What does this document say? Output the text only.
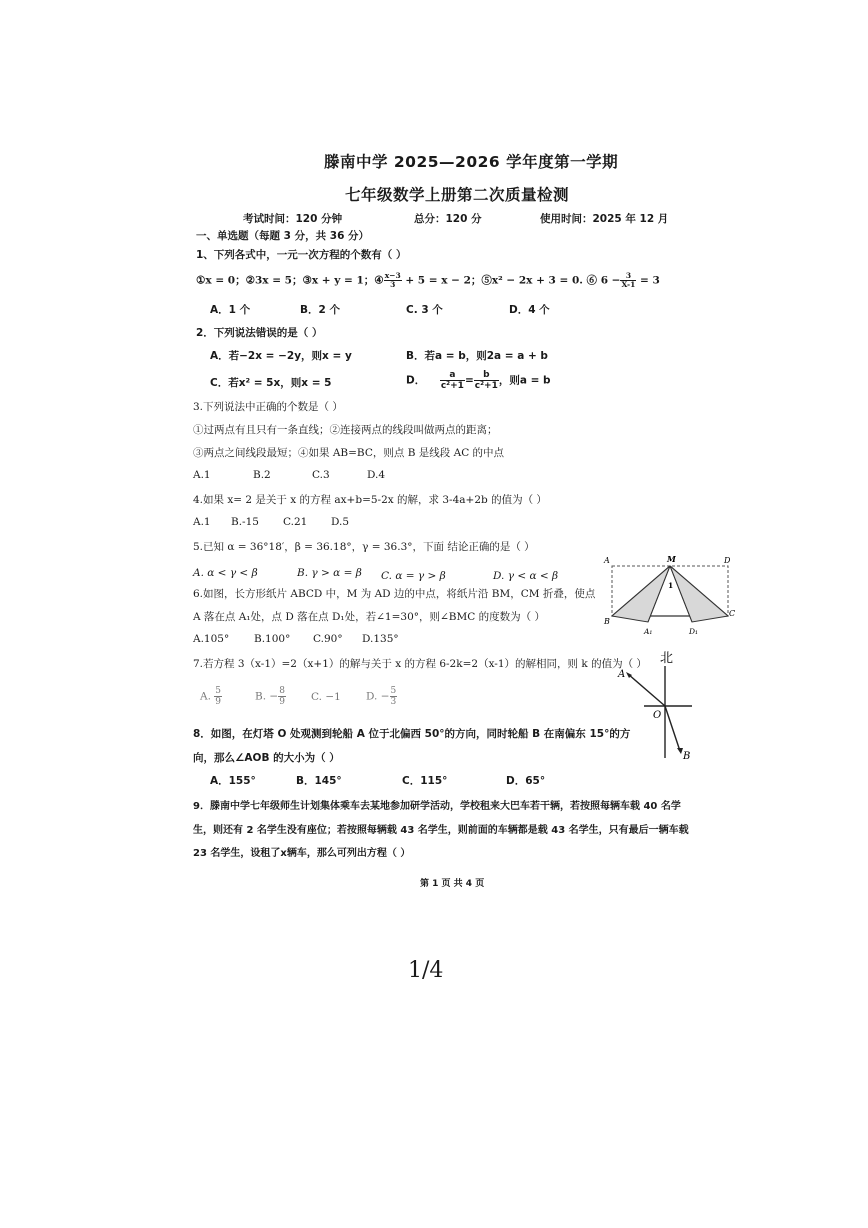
滕南中学 2025—2026 学年度第一学期
七年级数学上册第二次质量检测
考试时间：120 分钟	总分：120 分	使用时间：2025 年 12 月
一、单选题（每题 3 分，共 36 分）
1、下列各式中，一元一次方程的个数有（ ）
①x = 0；②3x = 5；③x + y = 1；④ $\frac{x-3}{3} + 5 = x - 2$；⑤x² − 2x + 3 = 0. ⑥ $6 - \frac{3}{X-1} = 3$
A．1 个	B．2 个	C. 3 个	D．4 个
2．下列说法错误的是（ ）
A．若−2x = −2y，则x = y	B．若a = b，则2a = a + b
C．若x² = 5x，则x = 5	D． $\frac{a}{\text{c²+1}} = \frac{b}{\text{c²+1}}$ ，则a = b
3.下列说法中正确的个数是（ ）
①过两点有且只有一条直线；②连接两点的线段叫做两点的距离；
③两点之间线段最短；④如果 AB=BC，则点 B 是线段 AC 的中点
A.1	B.2	C.3	D.4
4.如果 x= 2 是关于 x 的方程 ax+b=5-2x 的解，求 3-4a+2b 的值为（ ）
A.1 B.-15 C.21 D.5
5.已知 α = 36°18′，β = 36.18°，γ = 36.3°，下面 结论正确的是（ ）
A. α < γ < β	B. γ > α = β C. α = γ > β	D. γ < α < β
6.如图，长方形纸片 ABCD 中，M 为 AD 边的中点，将纸片沿 BM，CM 折叠，使点
A 落在点 A₁处，点 D 落在点 D₁处，若∠1=30°，则∠BMC 的度数为（ ）
A.105° B.100° C.90° D.135°
A	M	D
B
C
A₁	D₁
1
7.若方程 3（x-1）=2（x+1）的解与关于 x 的方程 6-2k=2（x-1）的解相同，则 k 的值为（ ）
A. $\frac{5}{9}$	B. − $\frac{8}{9} C$. −1 D. − $\frac{5}{3}$
北
A
O
B
8．如图，在灯塔 O 处观测到轮船 A 位于北偏西 50°的方向，同时轮船 B 在南偏东 15°的方
向，那么∠AOB 的大小为（ ）
A．155°	B．145°	C．115°	D．65°
9．滕南中学七年级师生计划集体乘车去某地参加研学活动，学校租来大巴车若干辆，若按照每辆车载 40 名学
生，则还有 2 名学生没有座位；若按照每辆载 43 名学生，则前面的车辆都是载 43 名学生，只有最后一辆车载
23 名学生，设租了x辆车，那么可列出方程（ ）
第 1 页 共 4 页
1/4
